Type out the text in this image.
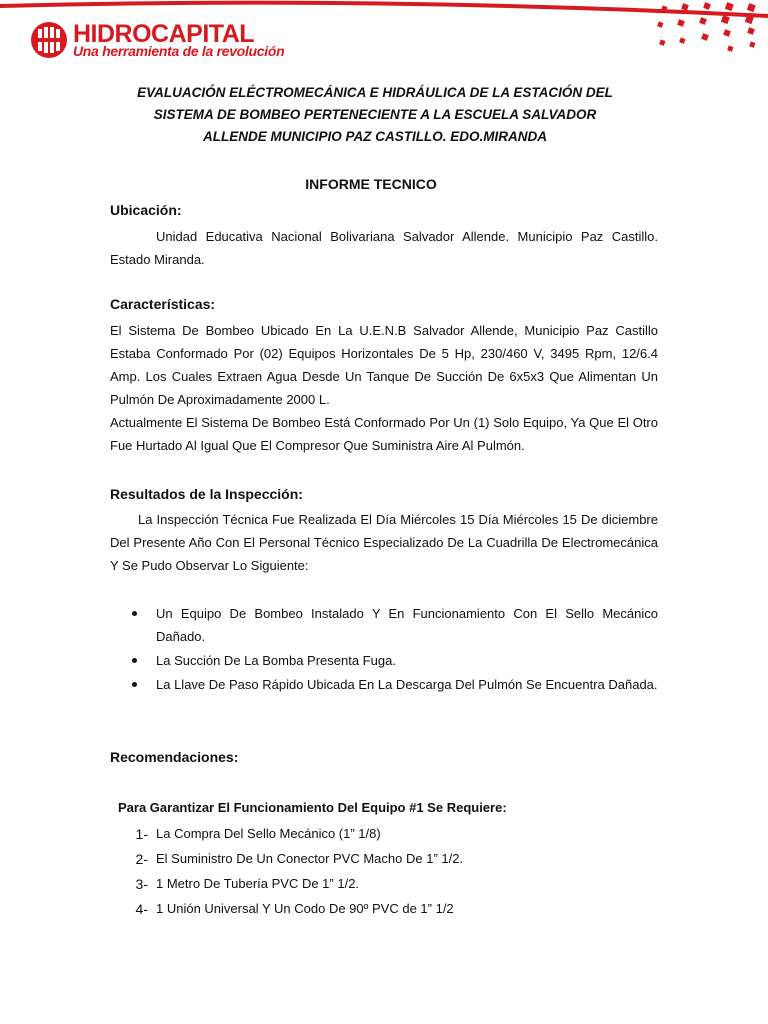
HIDROCAPITAL
Una herramienta de la revolución
EVALUACIÓN ELÉCTROMECÁNICA E HIDRÁULICA DE LA ESTACIÓN DEL
SISTEMA DE BOMBEO PERTENECIENTE A LA ESCUELA SALVADOR
ALLENDE MUNICIPIO PAZ CASTILLO. EDO.MIRANDA
INFORME TECNICO
Ubicación:
Unidad Educativa Nacional Bolivariana Salvador Allende. Municipio Paz Castillo. Estado Miranda.
Características:
El Sistema De Bombeo Ubicado En La U.E.N.B Salvador Allende, Municipio Paz Castillo Estaba Conformado Por (02) Equipos Horizontales De 5 Hp, 230/460 V, 3495 Rpm, 12/6.4 Amp. Los Cuales Extraen Agua Desde Un Tanque De Succión De 6x5x3 Que Alimentan Un Pulmón De Aproximadamente 2000 L.
Actualmente El Sistema De Bombeo Está Conformado Por Un (1) Solo Equipo, Ya Que El Otro Fue Hurtado Al Igual Que El Compresor Que Suministra Aire Al Pulmón.
Resultados de la Inspección:
La Inspección Técnica Fue Realizada El Día Miércoles 15 Día Miércoles 15 De diciembre Del Presente Año Con El Personal Técnico Especializado De La Cuadrilla De Electromecánica Y Se Pudo Observar Lo Siguiente:
Un Equipo De Bombeo Instalado Y En Funcionamiento Con El Sello Mecánico Dañado.
La Succión De La Bomba Presenta Fuga.
La Llave De Paso Rápido Ubicada En La Descarga Del Pulmón Se Encuentra Dañada.
Recomendaciones:
Para Garantizar El Funcionamiento Del Equipo #1 Se Requiere:
1- La Compra Del Sello Mecánico (1” 1/8)
2- El Suministro De Un Conector PVC Macho De 1” 1/2.
3- 1 Metro De Tubería PVC De 1” 1/2.
4- 1 Unión Universal Y Un Codo De 90º PVC de 1” 1/2
